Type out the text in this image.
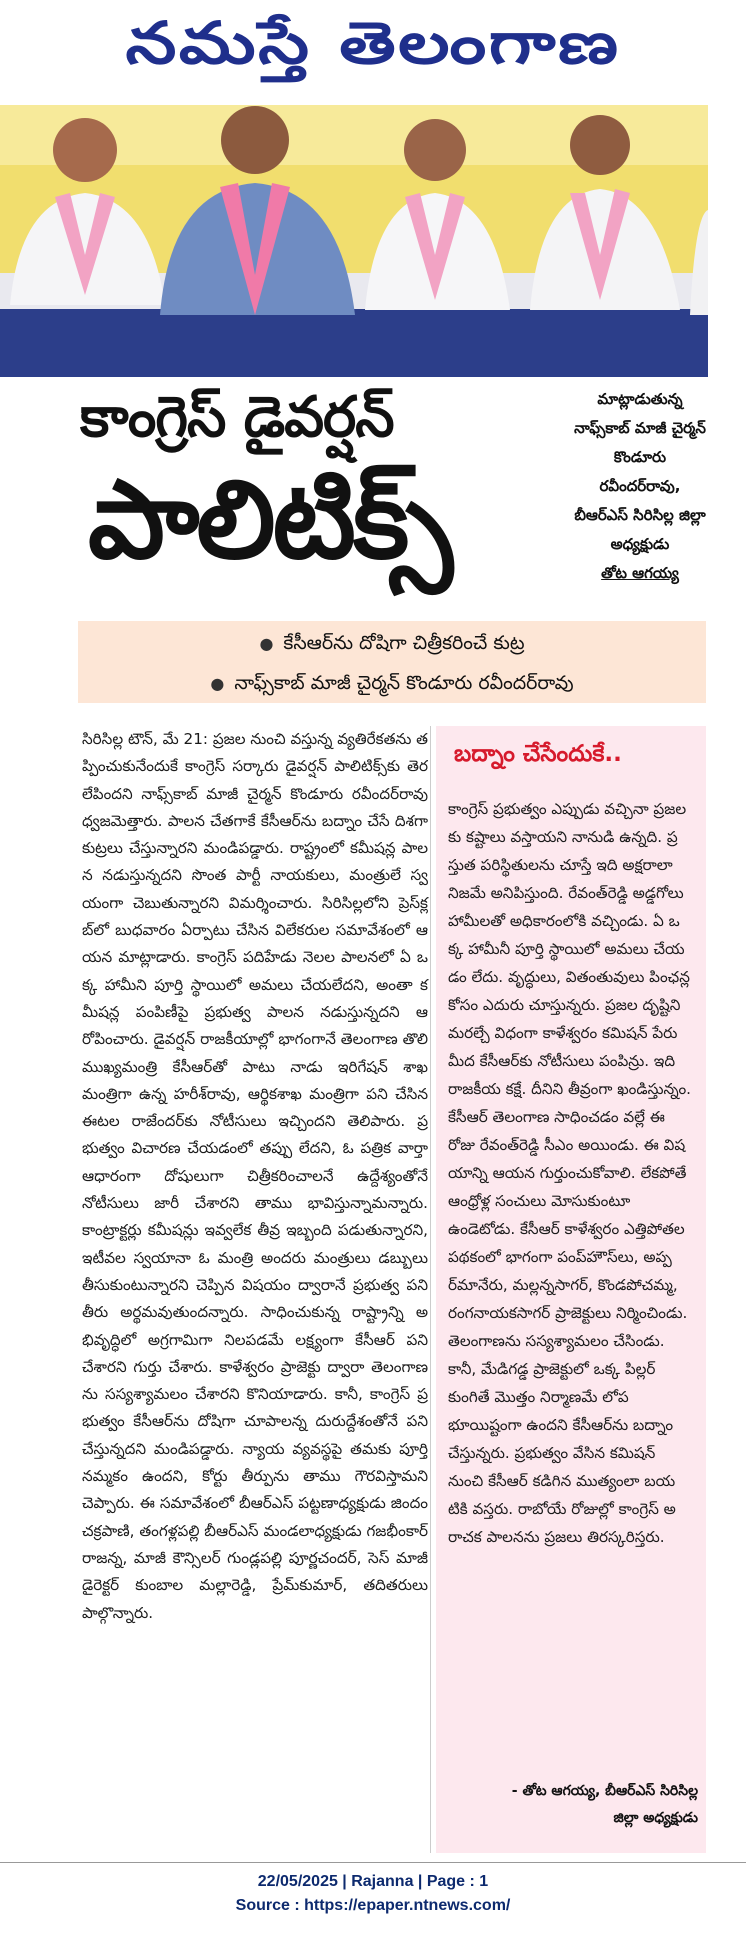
నమస్తే తెలంగాణ
కాంగ్రెస్ డైవర్షన్
పాలిటిక్స్
మాట్లాడుతున్న
నాఫ్స్‌కాబ్ మాజీ చైర్మన్
కొండూరు
రవీందర్‌రావు,
బీఆర్ఎస్ సిరిసిల్ల జిల్లా
అధ్యక్షుడు
తోట ఆగయ్య
● కేసీఆర్‌ను దోషిగా చిత్రీకరించే కుట్ర
● నాఫ్స్‌కాబ్ మాజీ చైర్మన్ కొండూరు రవీందర్‌రావు
సిరిసిల్ల టౌన్, మే 21: ప్రజల నుంచి వస్తున్న వ్యతిరేకతను తప్పించుకునేందుకే కాంగ్రెస్ సర్కారు డైవర్షన్ పాలిటిక్స్‌కు తెరలేపిందని నాఫ్స్‌కాబ్ మాజీ చైర్మన్ కొండూరు రవీందర్‌రావు ధ్వజమెత్తారు. పాలన చేతగాకే కేసీఆర్‌ను బద్నాం చేసే దిశగా కుట్రలు చేస్తున్నారని మండిపడ్డారు. రాష్ట్రంలో కమీషన్ల పాలన నడుస్తున్నదని సొంత పార్టీ నాయకులు, మంత్రులే స్వయంగా చెబుతున్నారని విమర్శించారు. సిరిసిల్లలోని ప్రెస్‌క్లబ్‌లో బుధవారం ఏర్పాటు చేసిన విలేకరుల సమావేశంలో ఆయన మాట్లాడారు. కాంగ్రెస్ పదిహేడు నెలల పాలనలో ఏ ఒక్క హామీని పూర్తి స్థాయిలో అమలు చేయలేదని, అంతా కమీషన్ల పంపిణీపై ప్రభుత్వ పాలన నడుస్తున్నదని ఆరోపించారు. డైవర్షన్ రాజకీయాల్లో భాగంగానే తెలంగాణ తొలి ముఖ్యమంత్రి కేసీఆర్‌తో పాటు నాడు ఇరిగేషన్ శాఖ మంత్రిగా ఉన్న హరీశ్‌రావు, ఆర్థికశాఖ మంత్రిగా పని చేసిన ఈటల రాజేందర్‌కు నోటీసులు ఇచ్చిందని తెలిపారు. ప్రభుత్వం విచారణ చేయడంలో తప్పు లేదని, ఓ పత్రిక వార్తా ఆధారంగా దోషులుగా చిత్రీకరించాలనే ఉద్దేశ్యంతోనే నోటీసులు జారీ చేశారని తాము భావిస్తున్నామన్నారు. కాంట్రాక్టర్లు కమీషన్లు ఇవ్వలేక తీవ్ర ఇబ్బంది పడుతున్నారని, ఇటీవల స్వయానా ఓ మంత్రి అందరు మంత్రులు డబ్బులు తీసుకుంటున్నారని చెప్పిన విషయం ద్వారానే ప్రభుత్వ పని తీరు అర్థమవుతుందన్నారు. సాధించుకున్న రాష్ట్రాన్ని అభివృద్ధిలో అగ్రగామిగా నిలపడమే లక్ష్యంగా కేసీఆర్ పని చేశారని గుర్తు చేశారు. కాళేశ్వరం ప్రాజెక్టు ద్వారా తెలంగాణను సస్యశ్యామలం చేశారని కొనియాడారు. కానీ, కాంగ్రెస్ ప్రభుత్వం కేసీఆర్‌ను దోషిగా చూపాలన్న దురుద్దేశంతోనే పని చేస్తున్నదని మండిపడ్డారు. న్యాయ వ్యవస్థపై తమకు పూర్తి నమ్మకం ఉందని, కోర్టు తీర్పును తాము గౌరవిస్తామని చెప్పారు. ఈ సమావేశంలో బీఆర్ఎస్ పట్టణాధ్యక్షుడు జిందం చక్రపాణి, తంగళ్లపల్లి బీఆర్ఎస్ మండలాధ్యక్షుడు గజభీంకార్ రాజన్న, మాజీ కౌన్సిలర్ గుండ్లపల్లి పూర్ణచందర్, సెస్ మాజీ డైరెక్టర్ కుంబాల మల్లారెడ్డి, ప్రేమ్‌కుమార్, తదితరులు పాల్గొన్నారు.
బద్నాం చేసేందుకే..
కాంగ్రెస్ ప్రభుత్వం ఎప్పుడు వచ్చినా ప్రజలకు కష్టాలు వస్తాయని నానుడి ఉన్నది. ప్రస్తుత పరిస్థితులను చూస్తే ఇది అక్షరాలా నిజమే అనిపిస్తుంది. రేవంత్‌రెడ్డి అడ్డగోలు హామీలతో అధికారంలోకి వచ్చిండు. ఏ ఒక్క హామీనీ పూర్తి స్థాయిలో అమలు చేయడం లేదు. వృద్ధులు, వితంతువులు పింఛన్ల కోసం ఎదురు చూస్తున్నరు. ప్రజల దృష్టిని మరల్చే విధంగా కాళేశ్వరం కమిషన్ పేరు మీద కేసీఆర్‌కు నోటీసులు పంపిన్రు. ఇది రాజకీయ కక్షే. దీనిని తీవ్రంగా ఖండిస్తున్నం. కేసీఆర్ తెలంగాణ సాధించడం వల్లే ఈ రోజు రేవంత్‌రెడ్డి సీఎం అయిండు. ఈ విషయాన్ని ఆయన గుర్తుంచుకోవాలి. లేకపోతే ఆంధ్రోళ్ల సంచులు మోసుకుంటూ ఉండెటోడు. కేసీఆర్ కాళేశ్వరం ఎత్తిపోతల పథకంలో భాగంగా పంప్‌హౌస్‌లు, అప్పర్‌మానేరు, మల్లన్నసాగర్, కొండపోచమ్మ, రంగనాయకసాగర్ ప్రాజెక్టులు నిర్మించిండు. తెలంగాణను సస్యశ్యామలం చేసిండు. కానీ, మేడిగడ్డ ప్రాజెక్టులో ఒక్క పిల్లర్ కుంగితే మొత్తం నిర్మాణమే లోపభూయిష్టంగా ఉందని కేసీఆర్‌ను బద్నాం చేస్తున్నరు. ప్రభుత్వం వేసిన కమిషన్ నుంచి కేసీఆర్ కడిగిన ముత్యంలా బయటికి వస్తరు. రాబోయే రోజుల్లో కాంగ్రెస్ అరాచక పాలనను ప్రజలు తిరస్కరిస్తరు.
- తోట ఆగయ్య, బీఆర్ఎస్ సిరిసిల్ల
జిల్లా అధ్యక్షుడు
22/05/2025 | Rajanna | Page : 1
Source : https://epaper.ntnews.com/
